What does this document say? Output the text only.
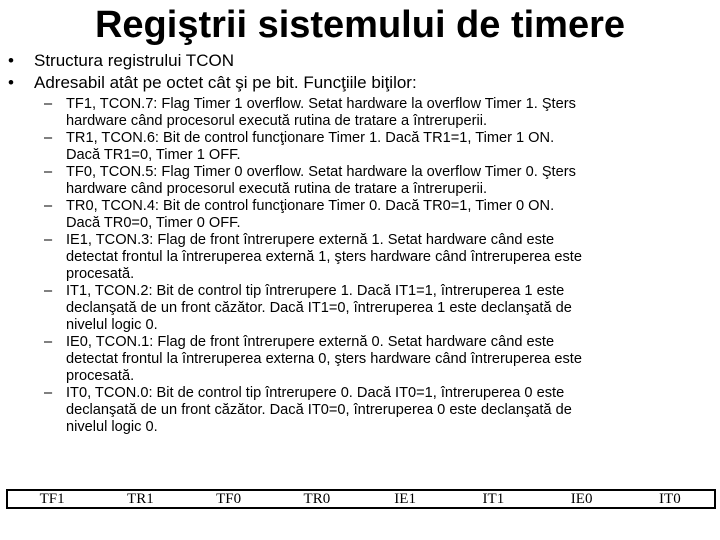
Regiştrii sistemului de timere
• Structura registrului TCON
• Adresabil atât pe octet cât şi pe bit. Funcţiile biţilor:
– TF1, TCON.7: Flag Timer 1 overflow. Setat hardware la overflow Timer 1. Şters
hardware când procesorul execută rutina de tratare a întreruperii.
– TR1, TCON.6: Bit de control funcţionare Timer 1. Dacă TR1=1, Timer 1 ON.
Dacă TR1=0, Timer 1 OFF.
– TF0, TCON.5: Flag Timer 0 overflow. Setat hardware la overflow Timer 0. Şters
hardware când procesorul execută rutina de tratare a întreruperii.
– TR0, TCON.4: Bit de control funcţionare Timer 0. Dacă TR0=1, Timer 0 ON.
Dacă TR0=0, Timer 0 OFF.
– IE1, TCON.3: Flag de front întrerupere externă 1. Setat hardware când este
detectat frontul la întreruperea externă 1, şters hardware când întreruperea este
procesată.
– IT1, TCON.2: Bit de control tip întrerupere 1. Dacă IT1=1, întreruperea 1 este
declanşată de un front căzător. Dacă IT1=0, întreruperea 1 este declanşată de
nivelul logic 0.
– IE0, TCON.1: Flag de front întrerupere externă 0. Setat hardware când este
detectat frontul la întreruperea externa 0, şters hardware când întreruperea este
procesată.
– IT0, TCON.0: Bit de control tip întrerupere 0. Dacă IT0=1, întreruperea 0 este
declanşată de un front căzător. Dacă IT0=0, întreruperea 0 este declanşată de
nivelul logic 0.
TF1	TR1	TF0	TR0	IE1	IT1	IE0	IT0
